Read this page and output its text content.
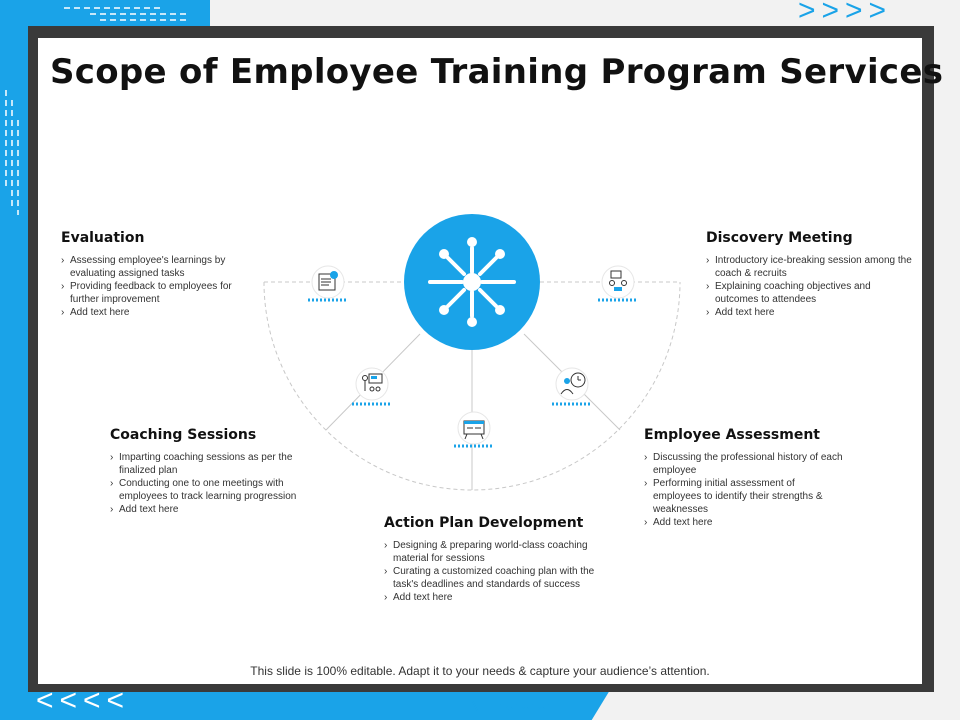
>>>>
<<<<
Scope of Employee Training Program Services
Evaluation
› Assessing employee's learnings by evaluating assigned tasks
› Providing feedback to employees for further improvement
› Add text here
Discovery Meeting
› Introductory ice-breaking session among the coach & recruits
› Explaining coaching objectives and outcomes to attendees
› Add text here
Coaching Sessions
› Imparting coaching sessions as per the finalized plan
› Conducting one to one meetings with employees to track learning progression
› Add text here
Employee Assessment
› Discussing the professional history of each employee
› Performing initial assessment of employees to identify their strengths & weaknesses
› Add text here
Action Plan Development
› Designing & preparing world-class coaching material for sessions
› Curating a customized coaching plan with the task's deadlines and standards of success
› Add text here
This slide is 100% editable. Adapt it to your needs & capture your audience’s attention.
